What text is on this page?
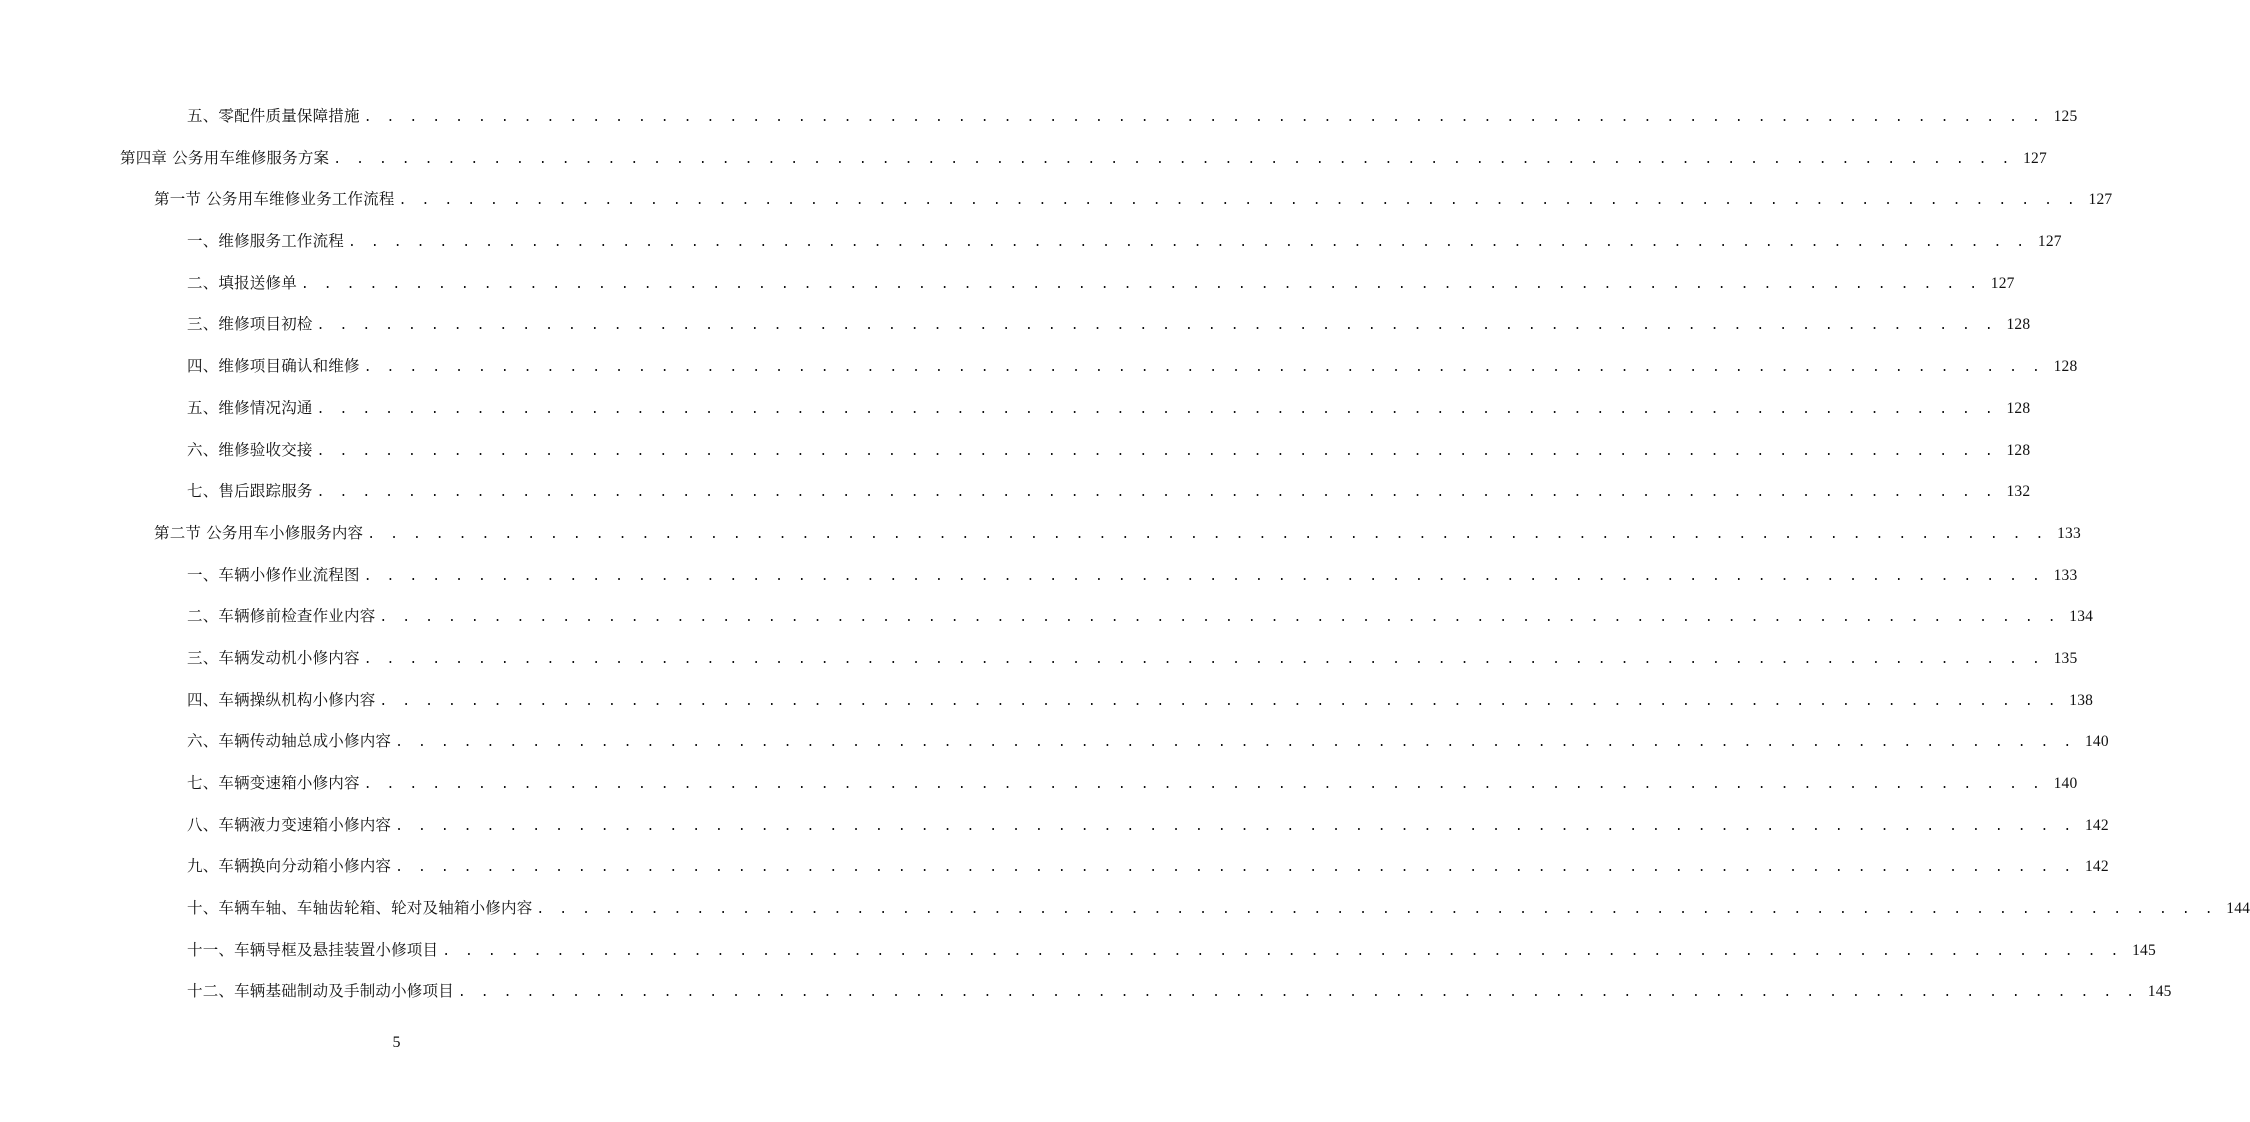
五、零配件质量保障措施 . . . . . . . . . . . . . . . . . . . . . . . . . . . . . . . . . . . . . . . . . . . . . . . . . . . . . . . . . . . . . . . . . . . . . . . . . . 125
第四章 公务用车维修服务方案 . . . . . . . . . . . . . . . . . . . . . . . . . . . . . . . . . . . . . . . . . . . . . . . . . . . . . . . . . . . . . . . . . . . . . . . . . . 127
第一节 公务用车维修业务工作流程 . . . . . . . . . . . . . . . . . . . . . . . . . . . . . . . . . . . . . . . . . . . . . . . . . . . . . . . . . . . . . . . . . . . . . . . . . . 127
一、维修服务工作流程 . . . . . . . . . . . . . . . . . . . . . . . . . . . . . . . . . . . . . . . . . . . . . . . . . . . . . . . . . . . . . . . . . . . . . . . . . . 127
二、填报送修单 . . . . . . . . . . . . . . . . . . . . . . . . . . . . . . . . . . . . . . . . . . . . . . . . . . . . . . . . . . . . . . . . . . . . . . . . . . 127
三、维修项目初检 . . . . . . . . . . . . . . . . . . . . . . . . . . . . . . . . . . . . . . . . . . . . . . . . . . . . . . . . . . . . . . . . . . . . . . . . . . 128
四、维修项目确认和维修 . . . . . . . . . . . . . . . . . . . . . . . . . . . . . . . . . . . . . . . . . . . . . . . . . . . . . . . . . . . . . . . . . . . . . . . . . . 128
五、维修情况沟通 . . . . . . . . . . . . . . . . . . . . . . . . . . . . . . . . . . . . . . . . . . . . . . . . . . . . . . . . . . . . . . . . . . . . . . . . . . 128
六、维修验收交接 . . . . . . . . . . . . . . . . . . . . . . . . . . . . . . . . . . . . . . . . . . . . . . . . . . . . . . . . . . . . . . . . . . . . . . . . . . 128
七、售后跟踪服务 . . . . . . . . . . . . . . . . . . . . . . . . . . . . . . . . . . . . . . . . . . . . . . . . . . . . . . . . . . . . . . . . . . . . . . . . . . 132
第二节 公务用车小修服务内容 . . . . . . . . . . . . . . . . . . . . . . . . . . . . . . . . . . . . . . . . . . . . . . . . . . . . . . . . . . . . . . . . . . . . . . . . . . 133
一、车辆小修作业流程图 . . . . . . . . . . . . . . . . . . . . . . . . . . . . . . . . . . . . . . . . . . . . . . . . . . . . . . . . . . . . . . . . . . . . . . . . . . 133
二、车辆修前检查作业内容 . . . . . . . . . . . . . . . . . . . . . . . . . . . . . . . . . . . . . . . . . . . . . . . . . . . . . . . . . . . . . . . . . . . . . . . . . . 134
三、车辆发动机小修内容 . . . . . . . . . . . . . . . . . . . . . . . . . . . . . . . . . . . . . . . . . . . . . . . . . . . . . . . . . . . . . . . . . . . . . . . . . . 135
四、车辆操纵机构小修内容 . . . . . . . . . . . . . . . . . . . . . . . . . . . . . . . . . . . . . . . . . . . . . . . . . . . . . . . . . . . . . . . . . . . . . . . . . . 138
六、车辆传动轴总成小修内容 . . . . . . . . . . . . . . . . . . . . . . . . . . . . . . . . . . . . . . . . . . . . . . . . . . . . . . . . . . . . . . . . . . . . . . . . . . 140
七、车辆变速箱小修内容 . . . . . . . . . . . . . . . . . . . . . . . . . . . . . . . . . . . . . . . . . . . . . . . . . . . . . . . . . . . . . . . . . . . . . . . . . . 140
八、车辆液力变速箱小修内容 . . . . . . . . . . . . . . . . . . . . . . . . . . . . . . . . . . . . . . . . . . . . . . . . . . . . . . . . . . . . . . . . . . . . . . . . . . 142
九、车辆换向分动箱小修内容 . . . . . . . . . . . . . . . . . . . . . . . . . . . . . . . . . . . . . . . . . . . . . . . . . . . . . . . . . . . . . . . . . . . . . . . . . . 142
十、车辆车轴、车轴齿轮箱、轮对及轴箱小修内容 . . . . . . . . . . . . . . . . . . . . . . . . . . . . . . . . . . . . . . . . . . . . . . . . . . . . . . . . . . . . . . . . . . . . . . . . . . 144
十一、车辆导框及悬挂装置小修项目 . . . . . . . . . . . . . . . . . . . . . . . . . . . . . . . . . . . . . . . . . . . . . . . . . . . . . . . . . . . . . . . . . . . . . . . . . . 145
十二、车辆基础制动及手制动小修项目 . . . . . . . . . . . . . . . . . . . . . . . . . . . . . . . . . . . . . . . . . . . . . . . . . . . . . . . . . . . . . . . . . . . . . . . . . . 145
5
